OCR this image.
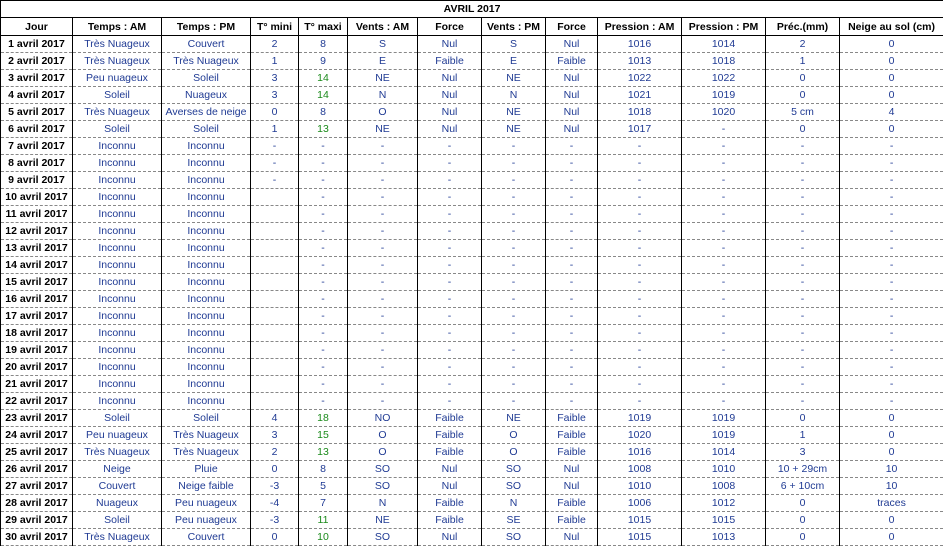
AVRIL 2017												
Jour	Temps : AM	Temps : PM	T° mini	T° maxi	Vents : AM	Force	Vents : PM	Force	Pression : AM	Pression : PM	Préc.(mm)	Neige au sol (cm)
1 avril 2017	Très Nuageux	Couvert	2	8	S	Nul	S	Nul	1016	1014	2	0
2 avril 2017	Très Nuageux	Très Nuageux	1	9	E	Faible	E	Faible	1013	1018	1	0
3 avril 2017	Peu nuageux	Soleil	3	14	NE	Nul	NE	Nul	1022	1022	0	0
4 avril 2017	Soleil	Nuageux	3	14	N	Nul	N	Nul	1021	1019	0	0
5 avril 2017	Très Nuageux	Averses de neige	0	8	O	Nul	NE	Nul	1018	1020	5 cm	4
6 avril 2017	Soleil	Soleil	1	13	NE	Nul	NE	Nul	1017	-	0	0
7 avril 2017	Inconnu	Inconnu	-	-	-	-	-	-	-	-	-	-
8 avril 2017	Inconnu	Inconnu	-	-	-	-	-	-	-	-	-	-
9 avril 2017	Inconnu	Inconnu	-	-	-	-	-	-	-	-	-	-
10 avril 2017	Inconnu	Inconnu		-	-	-	-	-	-	-	-	-
11 avril 2017	Inconnu	Inconnu		-	-	-	-	-	-	-	-	-
12 avril 2017	Inconnu	Inconnu		-	-	-	-	-	-	-	-	-
13 avril 2017	Inconnu	Inconnu		-	-	-	-	-	-	-	-	-
14 avril 2017	Inconnu	Inconnu		-	-	-	-	-	-	-	-	-
15 avril 2017	Inconnu	Inconnu		-	-	-	-	-	-	-	-	-
16 avril 2017	Inconnu	Inconnu		-	-	-	-	-	-	-	-	-
17 avril 2017	Inconnu	Inconnu		-	-	-	-	-	-	-	-	-
18 avril 2017	Inconnu	Inconnu		-	-	-	-	-	-	-	-	-
19 avril 2017	Inconnu	Inconnu		-	-	-	-	-	-	-	-	-
20 avril 2017	Inconnu	Inconnu		-	-	-	-	-	-	-	-	-
21 avril 2017	Inconnu	Inconnu		-	-	-	-	-	-	-	-	-
22 avril 2017	Inconnu	Inconnu		-	-	-	-	-	-	-	-	-
23 avril 2017	Soleil	Soleil	4	18	NO	Faible	NE	Faible	1019	1019	0	0
24 avril 2017	Peu nuageux	Très Nuageux	3	15	O	Faible	O	Faible	1020	1019	1	0
25 avril 2017	Très Nuageux	Très Nuageux	2	13	O	Faible	O	Faible	1016	1014	3	0
26 avril 2017	Neige	Pluie	0	8	SO	Nul	SO	Nul	1008	1010	10 + 29cm	10
27 avril 2017	Couvert	Neige faible	-3	5	SO	Nul	SO	Nul	1010	1008	6 + 10cm	10
28 avril 2017	Nuageux	Peu nuageux	-4	7	N	Faible	N	Faible	1006	1012	0	traces
29 avril 2017	Soleil	Peu nuageux	-3	11	NE	Faible	SE	Faible	1015	1015	0	0
30 avril 2017	Très Nuageux	Couvert	0	10	SO	Nul	SO	Nul	1015	1013	0	0
